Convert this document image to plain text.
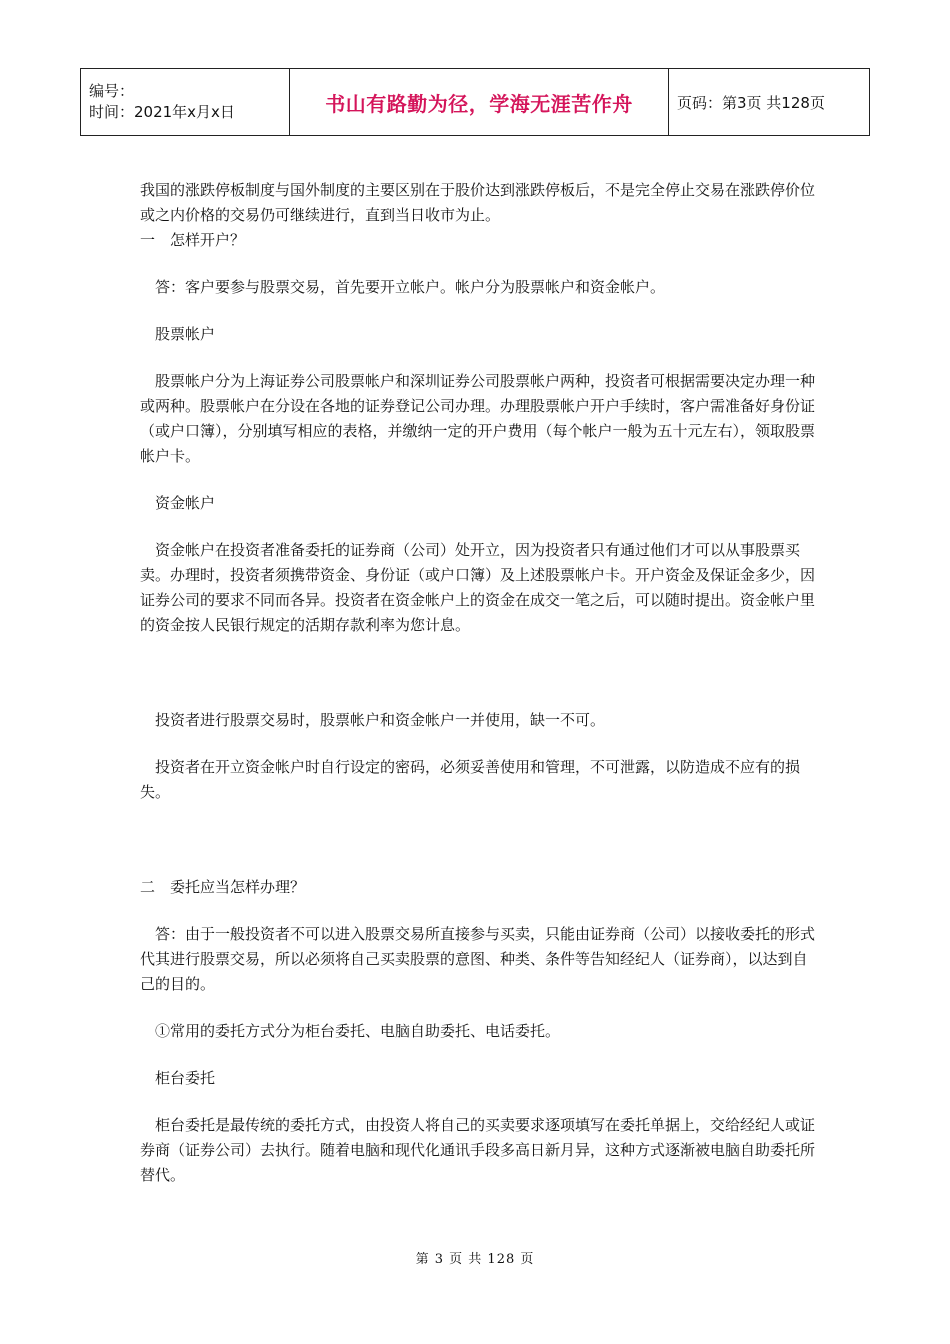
编号：
时间：2021年x月x日	书山有路勤为径，学海无涯苦作舟	页码：第3页 共128页

我国的涨跌停板制度与国外制度的主要区别在于股价达到涨跌停板后，不是完全停止交易在涨跌停价位或之内价格的交易仍可继续进行，直到当日收市为止。

一　怎样开户？

　答：客户要参与股票交易，首先要开立帐户。帐户分为股票帐户和资金帐户。

　股票帐户

　股票帐户分为上海证券公司股票帐户和深圳证券公司股票帐户两种，投资者可根据需要决定办理一种或两种。股票帐户在分设在各地的证券登记公司办理。办理股票帐户开户手续时，客户需准备好身份证（或户口簿），分别填写相应的表格，并缴纳一定的开户费用（每个帐户一般为五十元左右），领取股票帐户卡。

　资金帐户

　资金帐户在投资者准备委托的证券商（公司）处开立，因为投资者只有通过他们才可以从事股票买卖。办理时，投资者须携带资金、身份证（或户口簿）及上述股票帐户卡。开户资金及保证金多少，因证券公司的要求不同而各异。投资者在资金帐户上的资金在成交一笔之后，可以随时提出。资金帐户里的资金按人民银行规定的活期存款利率为您计息。

　投资者进行股票交易时，股票帐户和资金帐户一并使用，缺一不可。

　投资者在开立资金帐户时自行设定的密码，必须妥善使用和管理，不可泄露，以防造成不应有的损失。

二　委托应当怎样办理？

　答：由于一般投资者不可以进入股票交易所直接参与买卖，只能由证券商（公司）以接收委托的形式代其进行股票交易，所以必须将自己买卖股票的意图、种类、条件等告知经纪人（证券商），以达到自己的目的。

　①常用的委托方式分为柜台委托、电脑自助委托、电话委托。

　柜台委托

　柜台委托是最传统的委托方式，由投资人将自己的买卖要求逐项填写在委托单据上，交给经纪人或证券商（证券公司）去执行。随着电脑和现代化通讯手段多高日新月异，这种方式逐渐被电脑自助委托所替代。

第 3 页 共 128 页
